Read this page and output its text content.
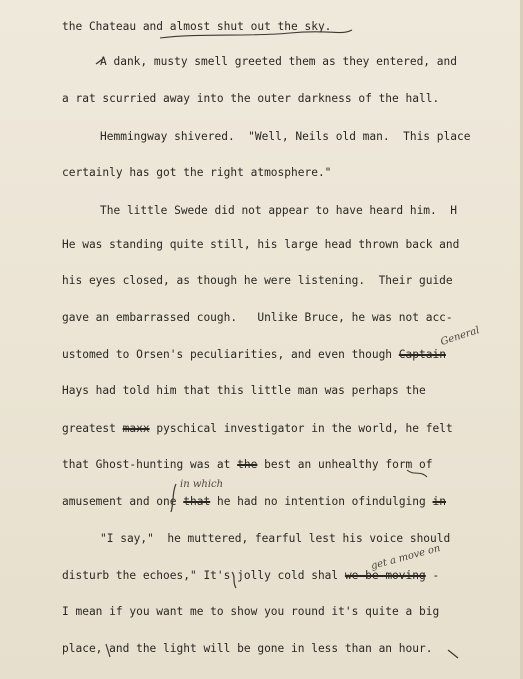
the Chateau and almost shut out the sky.
A dank, musty smell greeted them as they entered, and
a rat scurried away into the outer darkness of the hall.
Hemmingway shivered.  "Well, Neils old man.  This place
certainly has got the right atmosphere."
The little Swede did not appear to have heard him.  H
He was standing quite still, his large head thrown back and
his eyes closed, as though he were listening.  Their guide
gave an embarrassed cough.   Unlike Bruce, he was not acc-
ustomed to Orsen's peculiarities, and even though Captain
General
Hays had told him that this little man was perhaps the
greatest maxx pyschical investigator in the world, he felt
that Ghost-hunting was at the best an unhealthy form of
in which
amusement and one that he had no intention ofindulging in
"I say,"  he muttered, fearful lest his voice should
get a move on
disturb the echoes," It's jolly cold shal we be moving -
I mean if you want me to show you round it's quite a big
place, and the light will be gone in less than an hour.
